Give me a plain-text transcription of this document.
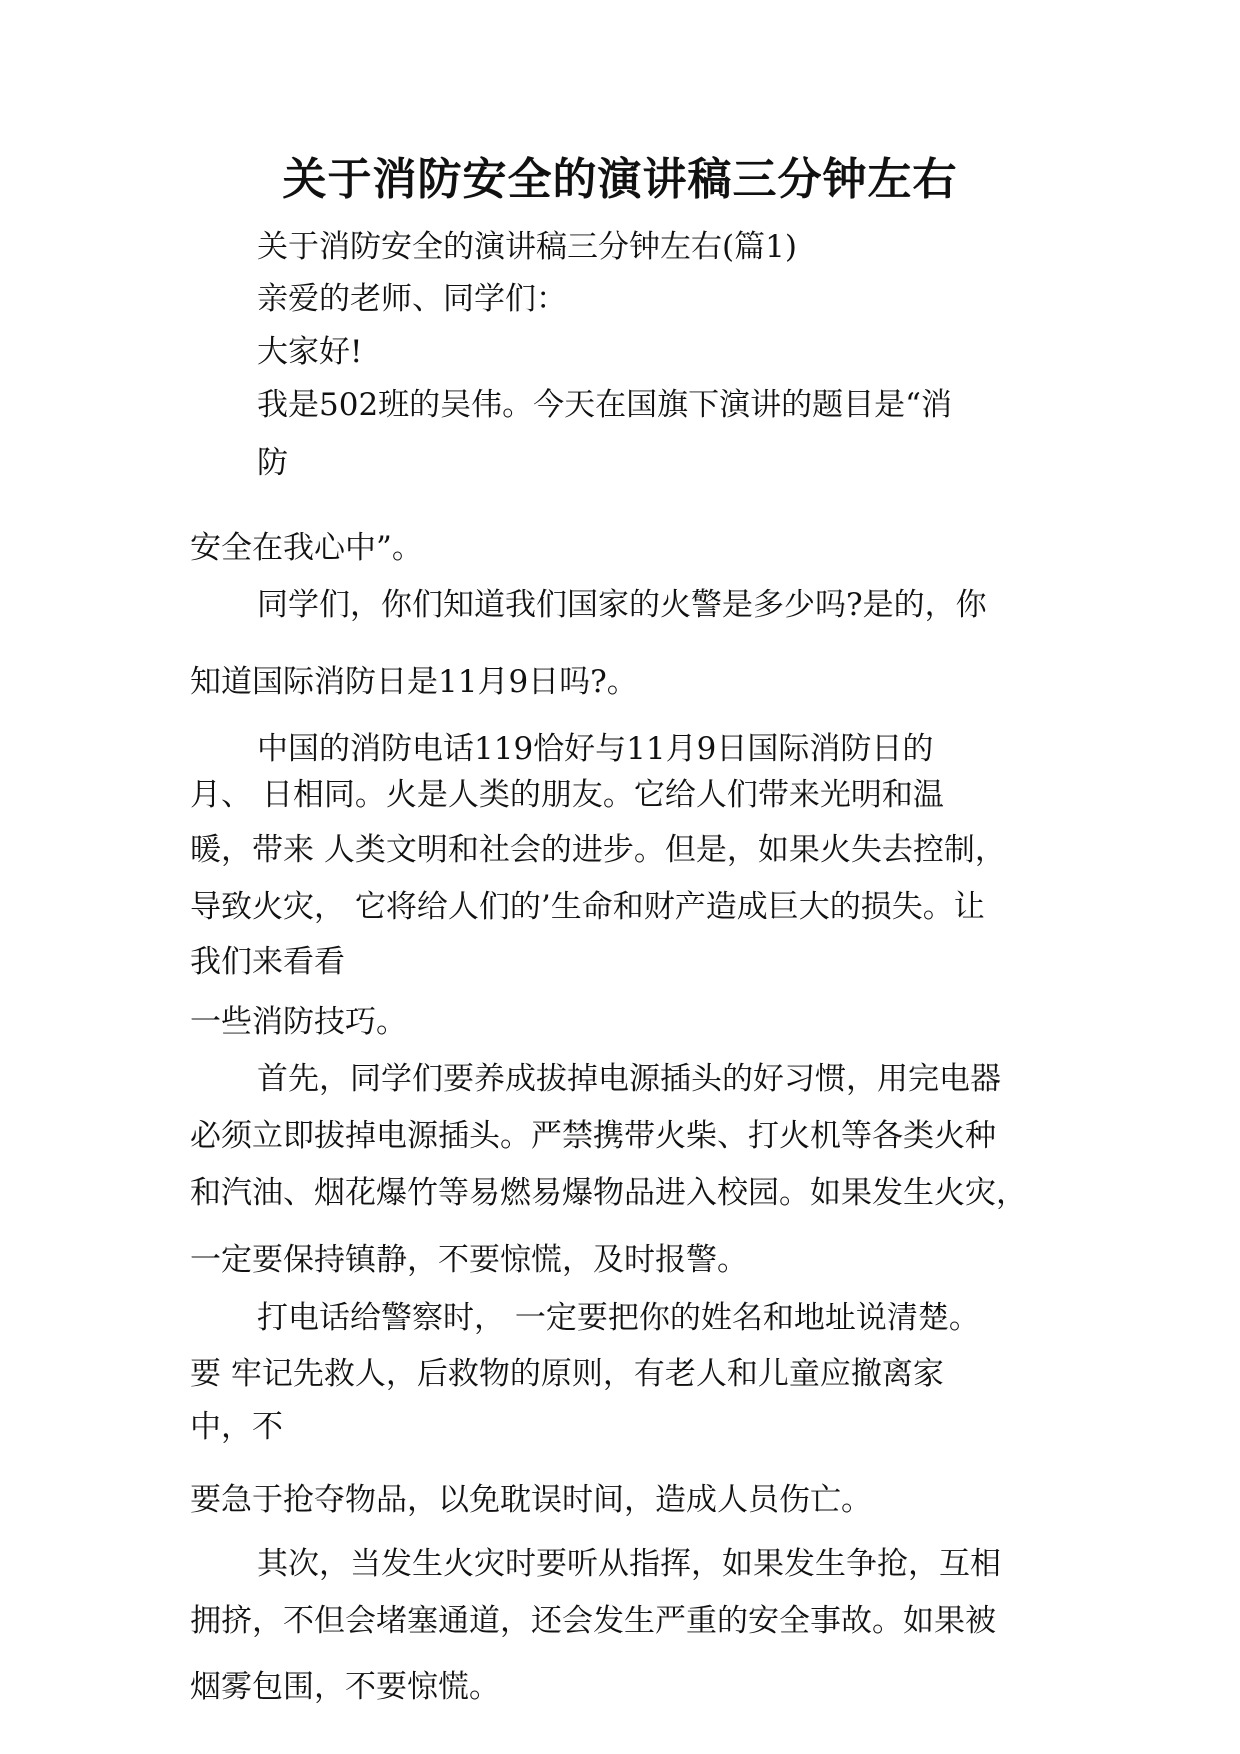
关于消防安全的演讲稿三分钟左右
关于消防安全的演讲稿三分钟左右(篇1)
亲爱的老师、同学们：
大家好!
我是502班的吴伟。今天在国旗下演讲的题目是“消
防
安全在我心中”。
同学们，你们知道我们国家的火警是多少吗?是的，你
知道国际消防日是11月9日吗?。
中国的消防电话119恰好与11月9日国际消防日的
月、 日相同。火是人类的朋友。它给人们带来光明和温
暖，带来 人类文明和社会的进步。但是，如果火失去控制，
导致火灾， 它将给人们的’生命和财产造成巨大的损失。让
我们来看看
一些消防技巧。
首先，同学们要养成拔掉电源插头的好习惯，用完电器
必须立即拔掉电源插头。严禁携带火柴、打火机等各类火种
和汽油、烟花爆竹等易燃易爆物品进入校园。如果发生火灾，
一定要保持镇静，不要惊慌，及时报警。
打电话给警察时， 一定要把你的姓名和地址说清楚。
要 牢记先救人，后救物的原则，有老人和儿童应撤离家
中，不
要急于抢夺物品，以免耽误时间，造成人员伤亡。
其次，当发生火灾时要听从指挥，如果发生争抢，互相
拥挤，不但会堵塞通道，还会发生严重的安全事故。如果被
烟雾包围，不要惊慌。
